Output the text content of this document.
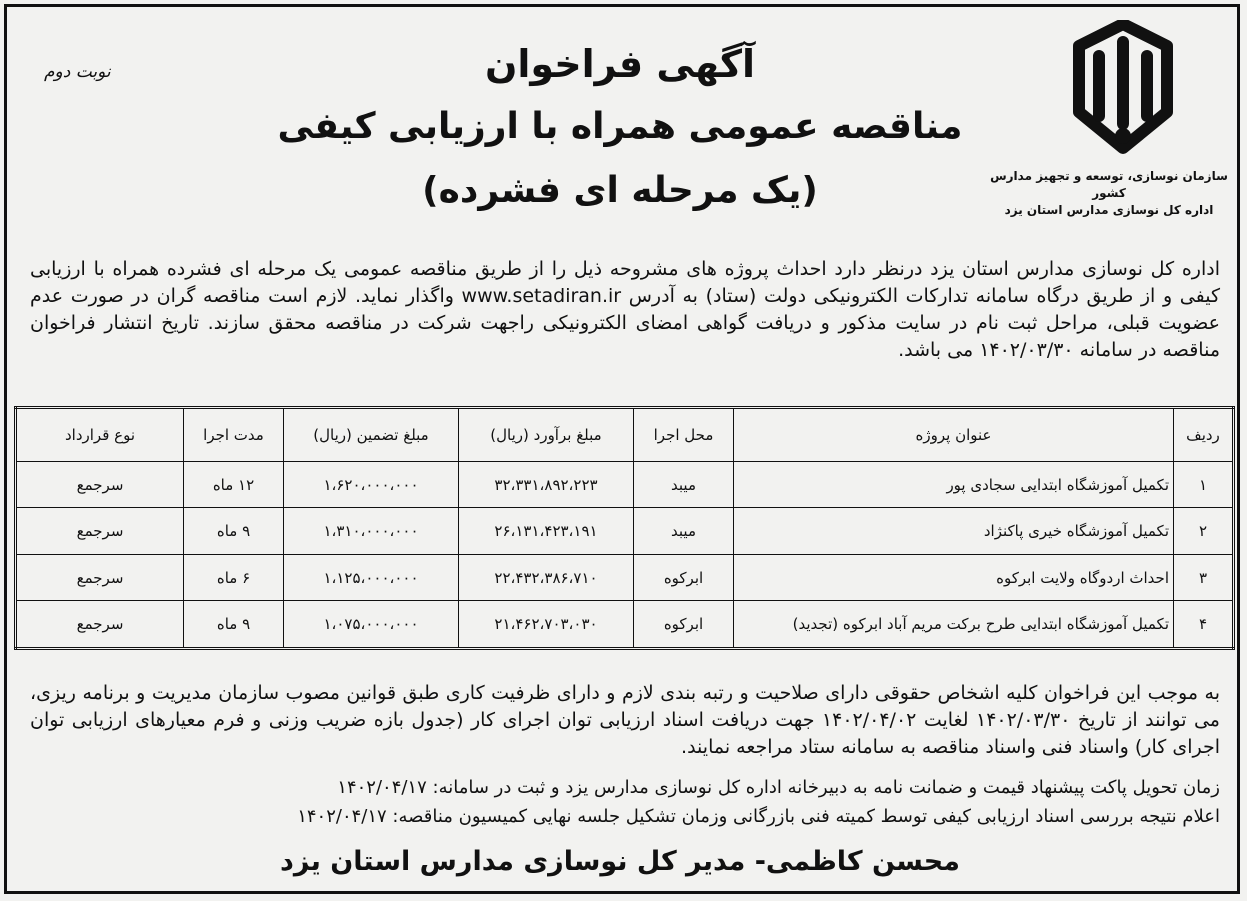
سازمان نوسازی، توسعه و تجهیز مدارس کشور
اداره کل نوسازی مدارس استان یزد
نوبت دوم	آگهی فراخوان
مناقصه عمومی همراه با ارزیابی کیفی
(یک مرحله ای فشرده)
اداره کل نوسازی مدارس استان یزد درنظر دارد احداث پروژه های مشروحه ذیل را از طریق مناقصه عمومی یک مرحله ای فشرده همراه با ارزیابی کیفی و از طریق درگاه سامانه تدارکات الکترونیکی دولت (ستاد) به آدرس www.setadiran.ir واگذار نماید. لازم است مناقصه گران در صورت عدم عضویت قبلی، مراحل ثبت نام در سایت مذکور و دریافت گواهی امضای الکترونیکی راجهت شرکت در مناقصه محقق سازند. تاریخ انتشار فراخوان مناقصه در سامانه ۱۴۰۲/۰۳/۳۰ می باشد.
ردیف	عنوان پروژه	محل اجرا	مبلغ برآورد (ریال)	مبلغ تضمین (ریال)	مدت اجرا	نوع قرارداد
۱	تکمیل آموزشگاه ابتدایی سجادی پور	میبد	۳۲،۳۳۱،۸۹۲،۲۲۳	۱،۶۲۰،۰۰۰،۰۰۰	۱۲ ماه	سرجمع
۲	تکمیل آموزشگاه خیری پاکنژاد	میبد	۲۶،۱۳۱،۴۲۳،۱۹۱	۱،۳۱۰،۰۰۰،۰۰۰	۹ ماه	سرجمع
۳	احداث اردوگاه ولایت ابرکوه	ابرکوه	۲۲،۴۳۲،۳۸۶،۷۱۰	۱،۱۲۵،۰۰۰،۰۰۰	۶ ماه	سرجمع
۴	تکمیل آموزشگاه ابتدایی طرح برکت مریم آباد ابرکوه (تجدید)	ابرکوه	۲۱،۴۶۲،۷۰۳،۰۳۰	۱،۰۷۵،۰۰۰،۰۰۰	۹ ماه	سرجمع
به موجب این فراخوان کلیه اشخاص حقوقی دارای صلاحیت و رتبه بندی لازم و دارای ظرفیت کاری طبق قوانین مصوب سازمان مدیریت و برنامه ریزی، می توانند از تاریخ ۱۴۰۲/۰۳/۳۰ لغایت ۱۴۰۲/۰۴/۰۲ جهت دریافت اسناد ارزیابی توان اجرای کار (جدول بازه ضریب وزنی و فرم معیارهای ارزیابی توان اجرای کار) واسناد فنی واسناد مناقصه به سامانه ستاد مراجعه نمایند.
زمان تحویل پاکت پیشنهاد قیمت و ضمانت نامه به دبیرخانه اداره کل نوسازی مدارس یزد و ثبت در سامانه: ۱۴۰۲/۰۴/۱۷
اعلام نتیجه بررسی اسناد ارزیابی کیفی توسط کمیته فنی بازرگانی وزمان تشکیل جلسه نهایی کمیسیون مناقصه: ۱۴۰۲/۰۴/۱۷
محسن کاظمی- مدیر کل نوسازی مدارس استان یزد
